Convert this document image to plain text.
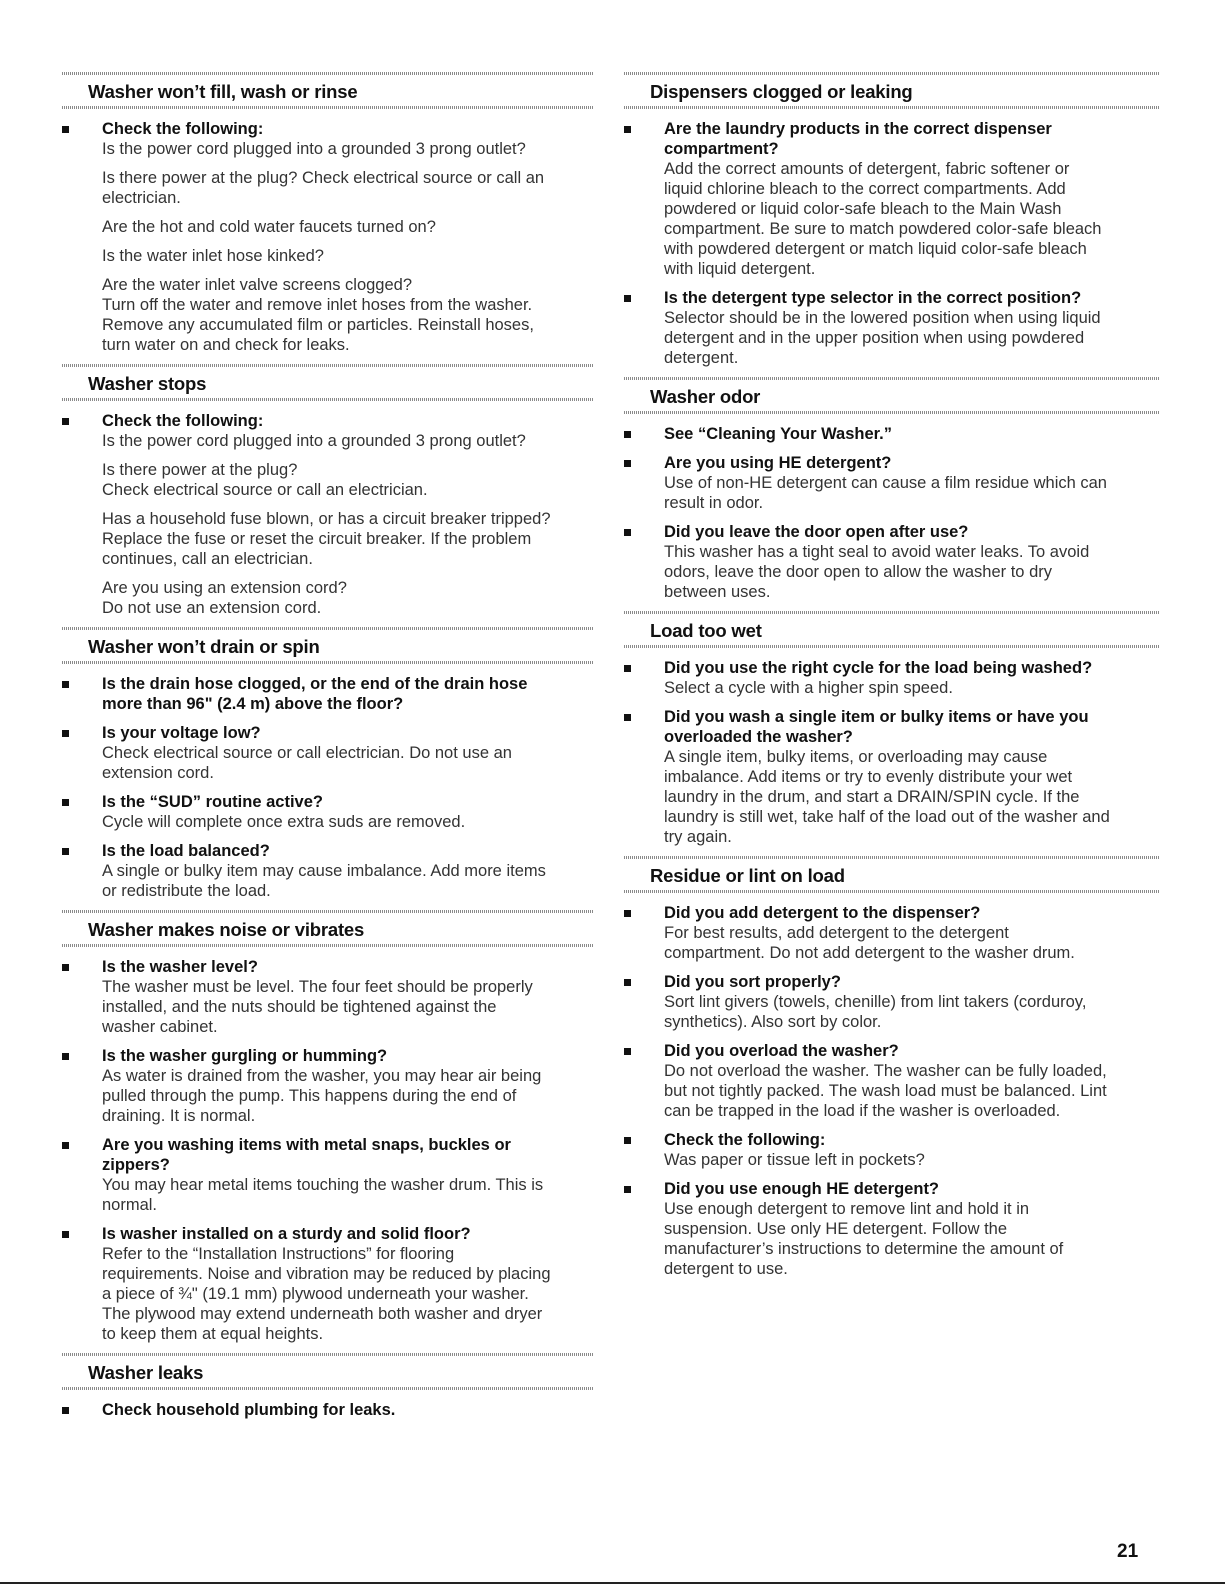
Washer won’t fill, wash or rinse
Check the following:
Is the power cord plugged into a grounded 3 prong outlet?
Is there power at the plug? Check electrical source or call an
electrician.
Are the hot and cold water faucets turned on?
Is the water inlet hose kinked?
Are the water inlet valve screens clogged?
Turn off the water and remove inlet hoses from the washer.
Remove any accumulated film or particles. Reinstall hoses,
turn water on and check for leaks.
Washer stops
Check the following:
Is the power cord plugged into a grounded 3 prong outlet?
Is there power at the plug?
Check electrical source or call an electrician.
Has a household fuse blown, or has a circuit breaker tripped?
Replace the fuse or reset the circuit breaker. If the problem
continues, call an electrician.
Are you using an extension cord?
Do not use an extension cord.
Washer won’t drain or spin
Is the drain hose clogged, or the end of the drain hose
more than 96" (2.4 m) above the floor?
Is your voltage low?
Check electrical source or call electrician. Do not use an
extension cord.
Is the “SUD” routine active?
Cycle will complete once extra suds are removed.
Is the load balanced?
A single or bulky item may cause imbalance. Add more items
or redistribute the load.
Washer makes noise or vibrates
Is the washer level?
The washer must be level. The four feet should be properly
installed, and the nuts should be tightened against the
washer cabinet.
Is the washer gurgling or humming?
As water is drained from the washer, you may hear air being
pulled through the pump. This happens during the end of
draining. It is normal.
Are you washing items with metal snaps, buckles or
zippers?
You may hear metal items touching the washer drum. This is
normal.
Is washer installed on a sturdy and solid floor?
Refer to the “Installation Instructions” for flooring
requirements. Noise and vibration may be reduced by placing
a piece of ¾" (19.1 mm) plywood underneath your washer.
The plywood may extend underneath both washer and dryer
to keep them at equal heights.
Washer leaks
Check household plumbing for leaks.
Dispensers clogged or leaking
Are the laundry products in the correct dispenser
compartment?
Add the correct amounts of detergent, fabric softener or
liquid chlorine bleach to the correct compartments. Add
powdered or liquid color-safe bleach to the Main Wash
compartment. Be sure to match powdered color-safe bleach
with powdered detergent or match liquid color-safe bleach
with liquid detergent.
Is the detergent type selector in the correct position?
Selector should be in the lowered position when using liquid
detergent and in the upper position when using powdered
detergent.
Washer odor
See “Cleaning Your Washer.”
Are you using HE detergent?
Use of non-HE detergent can cause a film residue which can
result in odor.
Did you leave the door open after use?
This washer has a tight seal to avoid water leaks. To avoid
odors, leave the door open to allow the washer to dry
between uses.
Load too wet
Did you use the right cycle for the load being washed?
Select a cycle with a higher spin speed.
Did you wash a single item or bulky items or have you
overloaded the washer?
A single item, bulky items, or overloading may cause
imbalance. Add items or try to evenly distribute your wet
laundry in the drum, and start a DRAIN/SPIN cycle. If the
laundry is still wet, take half of the load out of the washer and
try again.
Residue or lint on load
Did you add detergent to the dispenser?
For best results, add detergent to the detergent
compartment. Do not add detergent to the washer drum.
Did you sort properly?
Sort lint givers (towels, chenille) from lint takers (corduroy,
synthetics). Also sort by color.
Did you overload the washer?
Do not overload the washer. The washer can be fully loaded,
but not tightly packed. The wash load must be balanced. Lint
can be trapped in the load if the washer is overloaded.
Check the following:
Was paper or tissue left in pockets?
Did you use enough HE detergent?
Use enough detergent to remove lint and hold it in
suspension. Use only HE detergent. Follow the
manufacturer’s instructions to determine the amount of
detergent to use.
21
